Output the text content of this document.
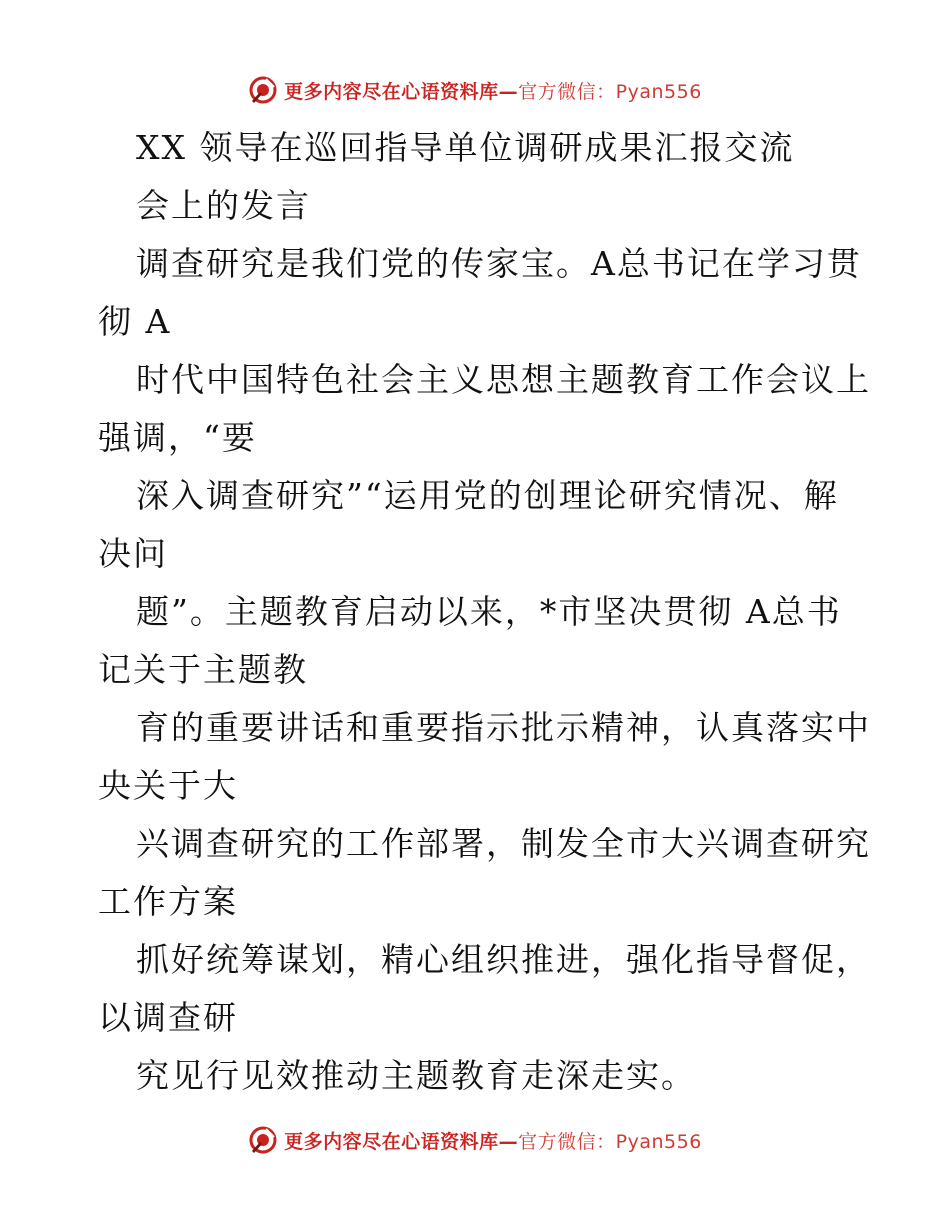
更多内容尽在心语资料库—官方微信：Pyan556
XX 领导在巡回指导单位调研成果汇报交流
会上的发言
调查研究是我们党的传家宝。A总书记在学习贯
彻 A
时代中国特色社会主义思想主题教育工作会议上
强调，“要
深入调查研究”“运用党的创理论研究情况、解
决问
题”。主题教育启动以来，*市坚决贯彻 A总书
记关于主题教
育的重要讲话和重要指示批示精神，认真落实中
央关于大
兴调查研究的工作部署，制发全市大兴调查研究
工作方案
抓好统筹谋划，精心组织推进，强化指导督促，
以调查研
究见行见效推动主题教育走深走实。
更多内容尽在心语资料库—官方微信：Pyan556
